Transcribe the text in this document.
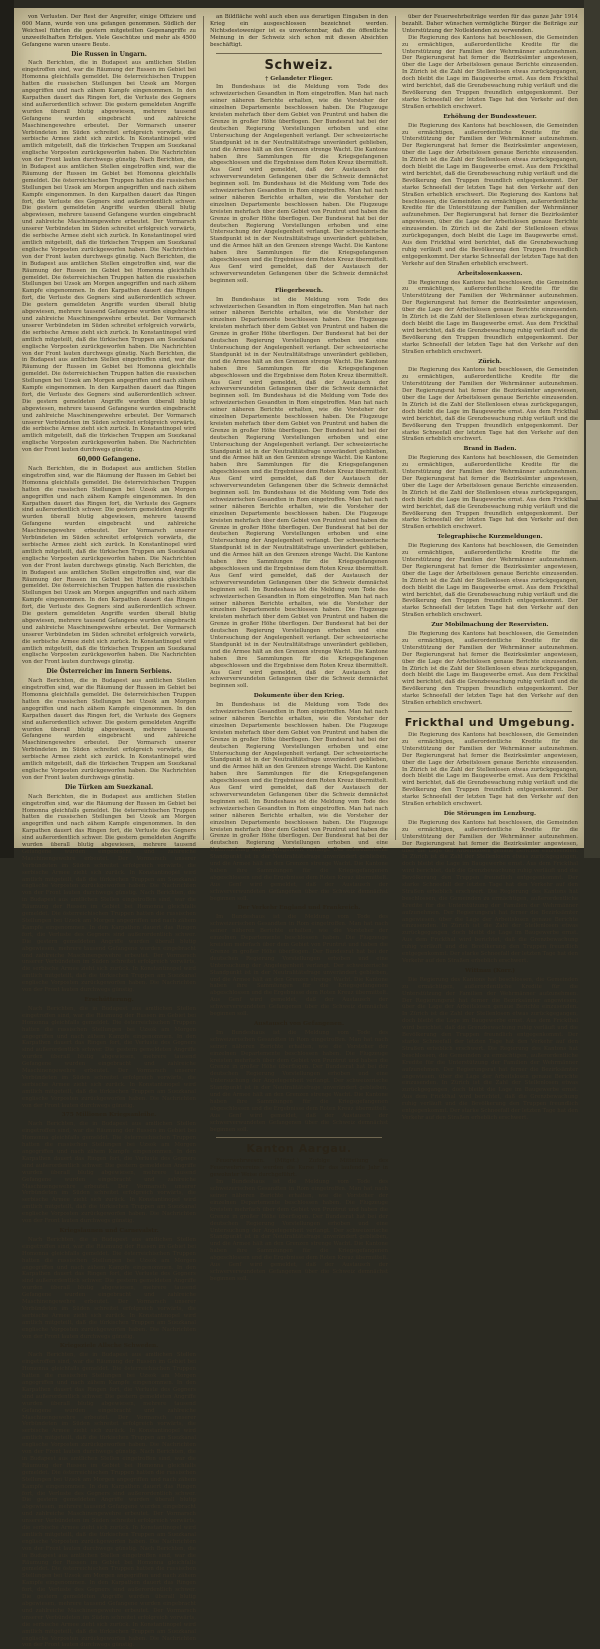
von Verlusten. Der Rest der Angreifer, einige Offiziere und 600 Mann, wurde von uns gefangen genommen. Südlich der Weichsel führten die gestern mitgeteilten Gegenangriffe zu unzweifelhaften Erfolgen. Viele Geschütze und mehr als 4500 Gefangene waren unsere Beute.

Die Russen in Ungarn.

Nach Berichten, die in Budapest aus amtlichen Stellen eingetroffen sind, war die Räumung der Russen im Gebiet bei Homonna gleichfalls gemeldet. Die österreichischen Truppen hatten die russischen Stellungen bei Uzsok am Morgen angegriffen und nach zähem Kampfe eingenommen. In den Karpathen dauert das Ringen fort, die Verluste des Gegners sind außerordentlich schwer. Die gestern gemeldeten Angriffe wurden überall blutig abgewiesen, mehrere tausend Gefangene wurden eingebracht und zahlreiche Maschinengewehre erbeutet. Der Vormarsch unserer Verbündeten im Süden schreitet erfolgreich vorwärts, die serbische Armee zieht sich zurück. In Konstantinopel wird amtlich mitgeteilt, daß die türkischen Truppen am Suezkanal englische Vorposten zurückgeworfen haben. Die Nachrichten von der Front lauten durchwegs günstig. Nach Berichten, die in Budapest aus amtlichen Stellen eingetroffen sind, war die Räumung der Russen im Gebiet bei Homonna gleichfalls gemeldet. Die österreichischen Truppen hatten die russischen Stellungen bei Uzsok am Morgen angegriffen und nach zähem Kampfe eingenommen. In den Karpathen dauert das Ringen fort, die Verluste des Gegners sind außerordentlich schwer. Die gestern gemeldeten Angriffe wurden überall blutig abgewiesen, mehrere tausend Gefangene wurden eingebracht und zahlreiche Maschinengewehre erbeutet. Der Vormarsch unserer Verbündeten im Süden schreitet erfolgreich vorwärts, die serbische Armee zieht sich zurück. In Konstantinopel wird amtlich mitgeteilt, daß die türkischen Truppen am Suezkanal englische Vorposten zurückgeworfen haben. Die Nachrichten von der Front lauten durchwegs günstig. Nach Berichten, die in Budapest aus amtlichen Stellen eingetroffen sind, war die Räumung der Russen im Gebiet bei Homonna gleichfalls gemeldet. Die österreichischen Truppen hatten die russischen Stellungen bei Uzsok am Morgen angegriffen und nach zähem Kampfe eingenommen. In den Karpathen dauert das Ringen fort, die Verluste des Gegners sind außerordentlich schwer. Die gestern gemeldeten Angriffe wurden überall blutig abgewiesen, mehrere tausend Gefangene wurden eingebracht und zahlreiche Maschinengewehre erbeutet. Der Vormarsch unserer Verbündeten im Süden schreitet erfolgreich vorwärts, die serbische Armee zieht sich zurück. In Konstantinopel wird amtlich mitgeteilt, daß die türkischen Truppen am Suezkanal englische Vorposten zurückgeworfen haben. Die Nachrichten von der Front lauten durchwegs günstig. Nach Berichten, die in Budapest aus amtlichen Stellen eingetroffen sind, war die Räumung der Russen im Gebiet bei Homonna gleichfalls gemeldet. Die österreichischen Truppen hatten die russischen Stellungen bei Uzsok am Morgen angegriffen und nach zähem Kampfe eingenommen. In den Karpathen dauert das Ringen fort, die Verluste des Gegners sind außerordentlich schwer. Die gestern gemeldeten Angriffe wurden überall blutig abgewiesen, mehrere tausend Gefangene wurden eingebracht und zahlreiche Maschinengewehre erbeutet. Der Vormarsch unserer Verbündeten im Süden schreitet erfolgreich vorwärts, die serbische Armee zieht sich zurück. In Konstantinopel wird amtlich mitgeteilt, daß die türkischen Truppen am Suezkanal englische Vorposten zurückgeworfen haben. Die Nachrichten von der Front lauten durchwegs günstig.

60,000 Gefangene.

Nach Berichten, die in Budapest aus amtlichen Stellen eingetroffen sind, war die Räumung der Russen im Gebiet bei Homonna gleichfalls gemeldet. Die österreichischen Truppen hatten die russischen Stellungen bei Uzsok am Morgen angegriffen und nach zähem Kampfe eingenommen. In den Karpathen dauert das Ringen fort, die Verluste des Gegners sind außerordentlich schwer. Die gestern gemeldeten Angriffe wurden überall blutig abgewiesen, mehrere tausend Gefangene wurden eingebracht und zahlreiche Maschinengewehre erbeutet. Der Vormarsch unserer Verbündeten im Süden schreitet erfolgreich vorwärts, die serbische Armee zieht sich zurück. In Konstantinopel wird amtlich mitgeteilt, daß die türkischen Truppen am Suezkanal englische Vorposten zurückgeworfen haben. Die Nachrichten von der Front lauten durchwegs günstig. Nach Berichten, die in Budapest aus amtlichen Stellen eingetroffen sind, war die Räumung der Russen im Gebiet bei Homonna gleichfalls gemeldet. Die österreichischen Truppen hatten die russischen Stellungen bei Uzsok am Morgen angegriffen und nach zähem Kampfe eingenommen. In den Karpathen dauert das Ringen fort, die Verluste des Gegners sind außerordentlich schwer. Die gestern gemeldeten Angriffe wurden überall blutig abgewiesen, mehrere tausend Gefangene wurden eingebracht und zahlreiche Maschinengewehre erbeutet. Der Vormarsch unserer Verbündeten im Süden schreitet erfolgreich vorwärts, die serbische Armee zieht sich zurück. In Konstantinopel wird amtlich mitgeteilt, daß die türkischen Truppen am Suezkanal englische Vorposten zurückgeworfen haben. Die Nachrichten von der Front lauten durchwegs günstig.

Die Österreicher im Innern Serbiens.

Nach Berichten, die in Budapest aus amtlichen Stellen eingetroffen sind, war die Räumung der Russen im Gebiet bei Homonna gleichfalls gemeldet. Die österreichischen Truppen hatten die russischen Stellungen bei Uzsok am Morgen angegriffen und nach zähem Kampfe eingenommen. In den Karpathen dauert das Ringen fort, die Verluste des Gegners sind außerordentlich schwer. Die gestern gemeldeten Angriffe wurden überall blutig abgewiesen, mehrere tausend Gefangene wurden eingebracht und zahlreiche Maschinengewehre erbeutet. Der Vormarsch unserer Verbündeten im Süden schreitet erfolgreich vorwärts, die serbische Armee zieht sich zurück. In Konstantinopel wird amtlich mitgeteilt, daß die türkischen Truppen am Suezkanal englische Vorposten zurückgeworfen haben. Die Nachrichten von der Front lauten durchwegs günstig.

Die Türken am Suezkanal.

Nach Berichten, die in Budapest aus amtlichen Stellen eingetroffen sind, war die Räumung der Russen im Gebiet bei Homonna gleichfalls gemeldet. Die österreichischen Truppen hatten die russischen Stellungen bei Uzsok am Morgen angegriffen und nach zähem Kampfe eingenommen. In den Karpathen dauert das Ringen fort, die Verluste des Gegners sind außerordentlich schwer. Die gestern gemeldeten Angriffe wurden überall blutig abgewiesen, mehrere tausend Gefangene wurden eingebracht und zahlreiche Maschinengewehre erbeutet. Der Vormarsch unserer Verbündeten im Süden schreitet erfolgreich vorwärts, die serbische Armee zieht sich zurück. In Konstantinopel wird amtlich mitgeteilt, daß die türkischen Truppen am Suezkanal englische Vorposten zurückgeworfen haben. Die Nachrichten von der Front lauten durchwegs günstig. Nach Berichten, die in Budapest aus amtlichen Stellen eingetroffen sind, war die Räumung der Russen im Gebiet bei Homonna gleichfalls gemeldet. Die österreichischen Truppen hatten die russischen Stellungen bei Uzsok am Morgen angegriffen und nach zähem Kampfe eingenommen. In den Karpathen dauert das Ringen fort, die Verluste des Gegners sind außerordentlich schwer. Die gestern gemeldeten Angriffe wurden überall blutig abgewiesen, mehrere tausend Gefangene wurden eingebracht und zahlreiche Maschinengewehre erbeutet. Der Vormarsch unserer Verbündeten im Süden schreitet erfolgreich vorwärts, die serbische Armee zieht sich zurück. In Konstantinopel wird amtlich mitgeteilt, daß die türkischen Truppen am Suezkanal englische Vorposten zurückgeworfen haben. Die Nachrichten von der Front lauten durchwegs günstig.

Erschütterung.

Nach Berichten, die in Budapest aus amtlichen Stellen eingetroffen sind, war die Räumung der Russen im Gebiet bei Homonna gleichfalls gemeldet. Die österreichischen Truppen hatten die russischen Stellungen bei Uzsok am Morgen angegriffen und nach zähem Kampfe eingenommen. In den Karpathen dauert das Ringen fort, die Verluste des Gegners sind außerordentlich schwer. Die gestern gemeldeten Angriffe wurden überall blutig abgewiesen, mehrere tausend Gefangene wurden eingebracht und zahlreiche Maschinengewehre erbeutet. Der Vormarsch unserer Verbündeten im Süden schreitet erfolgreich vorwärts, die serbische Armee zieht sich zurück. In Konstantinopel wird amtlich mitgeteilt, daß die türkischen Truppen am Suezkanal englische Vorposten zurückgeworfen haben. Die Nachrichten von der Front lauten durchwegs günstig.

375 Millionen Kriegsanleihe.

Nach Berichten, die in Budapest aus amtlichen Stellen eingetroffen sind, war die Räumung der Russen im Gebiet bei Homonna gleichfalls gemeldet. Die österreichischen Truppen hatten die russischen Stellungen bei Uzsok am Morgen angegriffen und nach zähem Kampfe eingenommen. In den Karpathen dauert das Ringen fort, die Verluste des Gegners sind außerordentlich schwer. Die gestern gemeldeten Angriffe wurden überall blutig abgewiesen, mehrere tausend Gefangene wurden eingebracht und zahlreiche Maschinengewehre erbeutet. Der Vormarsch unserer Verbündeten im Süden schreitet erfolgreich vorwärts, die serbische Armee zieht sich zurück. In Konstantinopel wird amtlich mitgeteilt, daß die türkischen Truppen am Suezkanal englische Vorposten zurückgeworfen haben. Die Nachrichten von der Front lauten durchwegs günstig.

Kriegslaunen und Carnevalstr.

Nach Berichten, die in Budapest aus amtlichen Stellen eingetroffen sind, war die Räumung der Russen im Gebiet bei Homonna gleichfalls gemeldet. Die österreichischen Truppen hatten die russischen Stellungen bei Uzsok am Morgen angegriffen und nach zähem Kampfe eingenommen. In den Karpathen dauert das Ringen fort, die Verluste des Gegners sind außerordentlich schwer. Die gestern gemeldeten Angriffe wurden überall blutig abgewiesen, mehrere tausend Gefangene wurden eingebracht und zahlreiche Maschinengewehre erbeutet. Der Vormarsch unserer Verbündeten im Süden schreitet erfolgreich vorwärts, die serbische Armee zieht sich zurück. In Konstantinopel wird amtlich mitgeteilt, daß die türkischen Truppen am Suezkanal englische Vorposten zurückgeworfen haben. Die Nachrichten von der Front lauten durchwegs günstig.

Kriegsziele Allsche Schweden.

Nach Berichten, die in Budapest aus amtlichen Stellen eingetroffen sind, war die Räumung der Russen im Gebiet bei Homonna gleichfalls gemeldet. Die österreichischen Truppen hatten die russischen Stellungen bei Uzsok am Morgen angegriffen und nach zähem Kampfe eingenommen. In den Karpathen dauert das Ringen fort, die Verluste des Gegners sind außerordentlich schwer. Die gestern gemeldeten Angriffe wurden überall blutig abgewiesen, mehrere tausend Gefangene wurden eingebracht und zahlreiche Maschinengewehre erbeutet. Der Vormarsch unserer Verbündeten im Süden schreitet erfolgreich vorwärts, die serbische Armee zieht sich zurück. In Konstantinopel wird amtlich mitgeteilt, daß die türkischen Truppen am Suezkanal englische Vorposten zurückgeworfen haben. Die Nachrichten von der Front lauten durchwegs günstig. Nach Berichten, die in Budapest aus amtlichen Stellen eingetroffen sind, war die Räumung der Russen im Gebiet bei Homonna gleichfalls gemeldet. Die österreichischen Truppen hatten die russischen Stellungen bei Uzsok am Morgen angegriffen und nach zähem Kampfe eingenommen. In den Karpathen dauert das Ringen fort, die Verluste des Gegners sind außerordentlich schwer. Die gestern gemeldeten Angriffe wurden überall blutig abgewiesen, mehrere tausend Gefangene wurden eingebracht und zahlreiche Maschinengewehre erbeutet. Der Vormarsch unserer Verbündeten im Süden schreitet erfolgreich vorwärts, die serbische Armee zieht sich zurück. In Konstantinopel wird amtlich mitgeteilt, daß die türkischen Truppen am Suezkanal englische Vorposten zurückgeworfen haben. Die Nachrichten von der Front lauten durchwegs günstig. Nach Berichten, die in Budapest aus amtlichen Stellen eingetroffen sind, war die Räumung der Russen im Gebiet bei Homonna gleichfalls gemeldet. Die österreichischen Truppen hatten die russischen Stellungen bei Uzsok am Morgen angegriffen und nach zähem Kampfe eingenommen. In den Karpathen dauert das Ringen fort, die Verluste des Gegners sind außerordentlich schwer. Die gestern gemeldeten Angriffe wurden überall blutig abgewiesen, mehrere tausend Gefangene wurden eingebracht und zahlreiche Maschinengewehre erbeutet. Der Vormarsch unserer Verbündeten im Süden schreitet erfolgreich vorwärts, die serbische Armee zieht sich zurück. In Konstantinopel wird amtlich mitgeteilt, daß die türkischen Truppen am Suezkanal englische Vorposten zurückgeworfen haben. Die Nachrichten von der Front lauten durchwegs günstig.

an Bildfläche wohl auch eben aus derartigen Eingaben in den Krieg ein ausgeschlossen bezeichnet werden. Nichtsdestoweniger ist es unverkennbar, daß die öffentliche Meinung in der Schweiz sich schon mit diesen Absichten beschäftigt.

Schweiz.
† Gelandeter Flieger.

Im Bundeshaus ist die Meldung vom Tode des schweizerischen Gesandten in Rom eingetroffen. Man hat nach seiner näheren Berichte erhalten, wie die Vorsteher der einzelnen Departemente beschlossen haben. Die Flugzeuge kreisten mehrfach über dem Gebiet von Pruntrut und haben die Grenze in großer Höhe überflogen. Der Bundesrat hat bei der deutschen Regierung Vorstellungen erhoben und eine Untersuchung der Angelegenheit verlangt. Der schweizerische Standpunkt ist in der Neutralitätsfrage unverändert geblieben, und die Armee hält an den Grenzen strenge Wacht. Die Kantone haben ihre Sammlungen für die Kriegsgefangenen abgeschlossen und die Ergebnisse dem Roten Kreuz übermittelt. Aus Genf wird gemeldet, daß der Austausch der schwerverwundeten Gefangenen über die Schweiz demnächst beginnen soll. Im Bundeshaus ist die Meldung vom Tode des schweizerischen Gesandten in Rom eingetroffen. Man hat nach seiner näheren Berichte erhalten, wie die Vorsteher der einzelnen Departemente beschlossen haben. Die Flugzeuge kreisten mehrfach über dem Gebiet von Pruntrut und haben die Grenze in großer Höhe überflogen. Der Bundesrat hat bei der deutschen Regierung Vorstellungen erhoben und eine Untersuchung der Angelegenheit verlangt. Der schweizerische Standpunkt ist in der Neutralitätsfrage unverändert geblieben, und die Armee hält an den Grenzen strenge Wacht. Die Kantone haben ihre Sammlungen für die Kriegsgefangenen abgeschlossen und die Ergebnisse dem Roten Kreuz übermittelt. Aus Genf wird gemeldet, daß der Austausch der schwerverwundeten Gefangenen über die Schweiz demnächst beginnen soll.

Fliegerbesuch.

Im Bundeshaus ist die Meldung vom Tode des schweizerischen Gesandten in Rom eingetroffen. Man hat nach seiner näheren Berichte erhalten, wie die Vorsteher der einzelnen Departemente beschlossen haben. Die Flugzeuge kreisten mehrfach über dem Gebiet von Pruntrut und haben die Grenze in großer Höhe überflogen. Der Bundesrat hat bei der deutschen Regierung Vorstellungen erhoben und eine Untersuchung der Angelegenheit verlangt. Der schweizerische Standpunkt ist in der Neutralitätsfrage unverändert geblieben, und die Armee hält an den Grenzen strenge Wacht. Die Kantone haben ihre Sammlungen für die Kriegsgefangenen abgeschlossen und die Ergebnisse dem Roten Kreuz übermittelt. Aus Genf wird gemeldet, daß der Austausch der schwerverwundeten Gefangenen über die Schweiz demnächst beginnen soll. Im Bundeshaus ist die Meldung vom Tode des schweizerischen Gesandten in Rom eingetroffen. Man hat nach seiner näheren Berichte erhalten, wie die Vorsteher der einzelnen Departemente beschlossen haben. Die Flugzeuge kreisten mehrfach über dem Gebiet von Pruntrut und haben die Grenze in großer Höhe überflogen. Der Bundesrat hat bei der deutschen Regierung Vorstellungen erhoben und eine Untersuchung der Angelegenheit verlangt. Der schweizerische Standpunkt ist in der Neutralitätsfrage unverändert geblieben, und die Armee hält an den Grenzen strenge Wacht. Die Kantone haben ihre Sammlungen für die Kriegsgefangenen abgeschlossen und die Ergebnisse dem Roten Kreuz übermittelt. Aus Genf wird gemeldet, daß der Austausch der schwerverwundeten Gefangenen über die Schweiz demnächst beginnen soll. Im Bundeshaus ist die Meldung vom Tode des schweizerischen Gesandten in Rom eingetroffen. Man hat nach seiner näheren Berichte erhalten, wie die Vorsteher der einzelnen Departemente beschlossen haben. Die Flugzeuge kreisten mehrfach über dem Gebiet von Pruntrut und haben die Grenze in großer Höhe überflogen. Der Bundesrat hat bei der deutschen Regierung Vorstellungen erhoben und eine Untersuchung der Angelegenheit verlangt. Der schweizerische Standpunkt ist in der Neutralitätsfrage unverändert geblieben, und die Armee hält an den Grenzen strenge Wacht. Die Kantone haben ihre Sammlungen für die Kriegsgefangenen abgeschlossen und die Ergebnisse dem Roten Kreuz übermittelt. Aus Genf wird gemeldet, daß der Austausch der schwerverwundeten Gefangenen über die Schweiz demnächst beginnen soll. Im Bundeshaus ist die Meldung vom Tode des schweizerischen Gesandten in Rom eingetroffen. Man hat nach seiner näheren Berichte erhalten, wie die Vorsteher der einzelnen Departemente beschlossen haben. Die Flugzeuge kreisten mehrfach über dem Gebiet von Pruntrut und haben die Grenze in großer Höhe überflogen. Der Bundesrat hat bei der deutschen Regierung Vorstellungen erhoben und eine Untersuchung der Angelegenheit verlangt. Der schweizerische Standpunkt ist in der Neutralitätsfrage unverändert geblieben, und die Armee hält an den Grenzen strenge Wacht. Die Kantone haben ihre Sammlungen für die Kriegsgefangenen abgeschlossen und die Ergebnisse dem Roten Kreuz übermittelt. Aus Genf wird gemeldet, daß der Austausch der schwerverwundeten Gefangenen über die Schweiz demnächst beginnen soll.

Dokumente über den Krieg.

Im Bundeshaus ist die Meldung vom Tode des schweizerischen Gesandten in Rom eingetroffen. Man hat nach seiner näheren Berichte erhalten, wie die Vorsteher der einzelnen Departemente beschlossen haben. Die Flugzeuge kreisten mehrfach über dem Gebiet von Pruntrut und haben die Grenze in großer Höhe überflogen. Der Bundesrat hat bei der deutschen Regierung Vorstellungen erhoben und eine Untersuchung der Angelegenheit verlangt. Der schweizerische Standpunkt ist in der Neutralitätsfrage unverändert geblieben, und die Armee hält an den Grenzen strenge Wacht. Die Kantone haben ihre Sammlungen für die Kriegsgefangenen abgeschlossen und die Ergebnisse dem Roten Kreuz übermittelt. Aus Genf wird gemeldet, daß der Austausch der schwerverwundeten Gefangenen über die Schweiz demnächst beginnen soll. Im Bundeshaus ist die Meldung vom Tode des schweizerischen Gesandten in Rom eingetroffen. Man hat nach seiner näheren Berichte erhalten, wie die Vorsteher der einzelnen Departemente beschlossen haben. Die Flugzeuge kreisten mehrfach über dem Gebiet von Pruntrut und haben die Grenze in großer Höhe überflogen. Der Bundesrat hat bei der deutschen Regierung Vorstellungen erhoben und eine Untersuchung der Angelegenheit verlangt. Der schweizerische Standpunkt ist in der Neutralitätsfrage unverändert geblieben, und die Armee hält an den Grenzen strenge Wacht. Die Kantone haben ihre Sammlungen für die Kriegsgefangenen abgeschlossen und die Ergebnisse dem Roten Kreuz übermittelt. Aus Genf wird gemeldet, daß der Austausch der schwerverwundeten Gefangenen über die Schweiz demnächst beginnen soll.

Der Verkehr England und Frankreich.

Im Bundeshaus ist die Meldung vom Tode des schweizerischen Gesandten in Rom eingetroffen. Man hat nach seiner näheren Berichte erhalten, wie die Vorsteher der einzelnen Departemente beschlossen haben. Die Flugzeuge kreisten mehrfach über dem Gebiet von Pruntrut und haben die Grenze in großer Höhe überflogen. Der Bundesrat hat bei der deutschen Regierung Vorstellungen erhoben und eine Untersuchung der Angelegenheit verlangt. Der schweizerische Standpunkt ist in der Neutralitätsfrage unverändert geblieben, und die Armee hält an den Grenzen strenge Wacht. Die Kantone haben ihre Sammlungen für die Kriegsgefangenen abgeschlossen und die Ergebnisse dem Roten Kreuz übermittelt. Aus Genf wird gemeldet, daß der Austausch der schwerverwundeten Gefangenen über die Schweiz demnächst beginnen soll.

Austausch von Gefangenen.

Im Bundeshaus ist die Meldung vom Tode des schweizerischen Gesandten in Rom eingetroffen. Man hat nach seiner näheren Berichte erhalten, wie die Vorsteher der einzelnen Departemente beschlossen haben. Die Flugzeuge kreisten mehrfach über dem Gebiet von Pruntrut und haben die Grenze in großer Höhe überflogen. Der Bundesrat hat bei der deutschen Regierung Vorstellungen erhoben und eine Untersuchung der Angelegenheit verlangt. Der schweizerische Standpunkt ist in der Neutralitätsfrage unverändert geblieben, und die Armee hält an den Grenzen strenge Wacht. Die Kantone haben ihre Sammlungen für die Kriegsgefangenen abgeschlossen und die Ergebnisse dem Roten Kreuz übermittelt. Aus Genf wird gemeldet, daß der Austausch der schwerverwundeten Gefangenen über die Schweiz demnächst beginnen soll.

Kanton Aargau.

Feuerwehrwesen. (Mitget.) Zufolge Mitteilung des Feuerwehrvereins werden die Kurse für das laufende Jahr in gewohnter Weise durchgeführt.

Im Bundeshaus ist die Meldung vom Tode des schweizerischen Gesandten in Rom eingetroffen. Man hat nach seiner näheren Berichte erhalten, wie die Vorsteher der einzelnen Departemente beschlossen haben. Die Flugzeuge kreisten mehrfach über dem Gebiet von Pruntrut und haben die Grenze in großer Höhe überflogen. Der Bundesrat hat bei der deutschen Regierung Vorstellungen erhoben und eine Untersuchung der Angelegenheit verlangt. Der schweizerische Standpunkt ist in der Neutralitätsfrage unverändert geblieben, und die Armee hält an den Grenzen strenge Wacht. Die Kantone haben ihre Sammlungen für die Kriegsgefangenen abgeschlossen und die Ergebnisse dem Roten Kreuz übermittelt. Aus Genf wird gemeldet, daß der Austausch der schwerverwundeten Gefangenen über die Schweiz demnächst beginnen soll.

über der Feuerwehrbeiträge werden für das ganze Jahr 1914 bezahlt. Daher wünschen vermögliche Bürger die Beiträge zur Unterstützung der Notleidenden zu verwenden.

Die Regierung des Kantons hat beschlossen, die Gemeinden zu ermächtigen, außerordentliche Kredite für die Unterstützung der Familien der Wehrmänner aufzunehmen. Der Regierungsrat hat ferner die Bezirksämter angewiesen, über die Lage der Arbeitslosen genaue Berichte einzusenden. In Zürich ist die Zahl der Stellenlosen etwas zurückgegangen, doch bleibt die Lage im Baugewerbe ernst. Aus dem Frickthal wird berichtet, daß die Grenzbewachung ruhig verläuft und die Bevölkerung den Truppen freundlich entgegenkommt. Der starke Schneefall der letzten Tage hat den Verkehr auf den Straßen erheblich erschwert.

Erhöhung der Bundessteuer.

Die Regierung des Kantons hat beschlossen, die Gemeinden zu ermächtigen, außerordentliche Kredite für die Unterstützung der Familien der Wehrmänner aufzunehmen. Der Regierungsrat hat ferner die Bezirksämter angewiesen, über die Lage der Arbeitslosen genaue Berichte einzusenden. In Zürich ist die Zahl der Stellenlosen etwas zurückgegangen, doch bleibt die Lage im Baugewerbe ernst. Aus dem Frickthal wird berichtet, daß die Grenzbewachung ruhig verläuft und die Bevölkerung den Truppen freundlich entgegenkommt. Der starke Schneefall der letzten Tage hat den Verkehr auf den Straßen erheblich erschwert. Die Regierung des Kantons hat beschlossen, die Gemeinden zu ermächtigen, außerordentliche Kredite für die Unterstützung der Familien der Wehrmänner aufzunehmen. Der Regierungsrat hat ferner die Bezirksämter angewiesen, über die Lage der Arbeitslosen genaue Berichte einzusenden. In Zürich ist die Zahl der Stellenlosen etwas zurückgegangen, doch bleibt die Lage im Baugewerbe ernst. Aus dem Frickthal wird berichtet, daß die Grenzbewachung ruhig verläuft und die Bevölkerung den Truppen freundlich entgegenkommt. Der starke Schneefall der letzten Tage hat den Verkehr auf den Straßen erheblich erschwert.

Arbeitslosenkassen.

Die Regierung des Kantons hat beschlossen, die Gemeinden zu ermächtigen, außerordentliche Kredite für die Unterstützung der Familien der Wehrmänner aufzunehmen. Der Regierungsrat hat ferner die Bezirksämter angewiesen, über die Lage der Arbeitslosen genaue Berichte einzusenden. In Zürich ist die Zahl der Stellenlosen etwas zurückgegangen, doch bleibt die Lage im Baugewerbe ernst. Aus dem Frickthal wird berichtet, daß die Grenzbewachung ruhig verläuft und die Bevölkerung den Truppen freundlich entgegenkommt. Der starke Schneefall der letzten Tage hat den Verkehr auf den Straßen erheblich erschwert.

Zürich.

Die Regierung des Kantons hat beschlossen, die Gemeinden zu ermächtigen, außerordentliche Kredite für die Unterstützung der Familien der Wehrmänner aufzunehmen. Der Regierungsrat hat ferner die Bezirksämter angewiesen, über die Lage der Arbeitslosen genaue Berichte einzusenden. In Zürich ist die Zahl der Stellenlosen etwas zurückgegangen, doch bleibt die Lage im Baugewerbe ernst. Aus dem Frickthal wird berichtet, daß die Grenzbewachung ruhig verläuft und die Bevölkerung den Truppen freundlich entgegenkommt. Der starke Schneefall der letzten Tage hat den Verkehr auf den Straßen erheblich erschwert.

Brand in Baden.

Die Regierung des Kantons hat beschlossen, die Gemeinden zu ermächtigen, außerordentliche Kredite für die Unterstützung der Familien der Wehrmänner aufzunehmen. Der Regierungsrat hat ferner die Bezirksämter angewiesen, über die Lage der Arbeitslosen genaue Berichte einzusenden. In Zürich ist die Zahl der Stellenlosen etwas zurückgegangen, doch bleibt die Lage im Baugewerbe ernst. Aus dem Frickthal wird berichtet, daß die Grenzbewachung ruhig verläuft und die Bevölkerung den Truppen freundlich entgegenkommt. Der starke Schneefall der letzten Tage hat den Verkehr auf den Straßen erheblich erschwert.

Telegraphische Kurzmeldungen.

Die Regierung des Kantons hat beschlossen, die Gemeinden zu ermächtigen, außerordentliche Kredite für die Unterstützung der Familien der Wehrmänner aufzunehmen. Der Regierungsrat hat ferner die Bezirksämter angewiesen, über die Lage der Arbeitslosen genaue Berichte einzusenden. In Zürich ist die Zahl der Stellenlosen etwas zurückgegangen, doch bleibt die Lage im Baugewerbe ernst. Aus dem Frickthal wird berichtet, daß die Grenzbewachung ruhig verläuft und die Bevölkerung den Truppen freundlich entgegenkommt. Der starke Schneefall der letzten Tage hat den Verkehr auf den Straßen erheblich erschwert.

Zur Mobilmachung der Reservisten.

Die Regierung des Kantons hat beschlossen, die Gemeinden zu ermächtigen, außerordentliche Kredite für die Unterstützung der Familien der Wehrmänner aufzunehmen. Der Regierungsrat hat ferner die Bezirksämter angewiesen, über die Lage der Arbeitslosen genaue Berichte einzusenden. In Zürich ist die Zahl der Stellenlosen etwas zurückgegangen, doch bleibt die Lage im Baugewerbe ernst. Aus dem Frickthal wird berichtet, daß die Grenzbewachung ruhig verläuft und die Bevölkerung den Truppen freundlich entgegenkommt. Der starke Schneefall der letzten Tage hat den Verkehr auf den Straßen erheblich erschwert.

Frickthal und Umgebung.

Die Regierung des Kantons hat beschlossen, die Gemeinden zu ermächtigen, außerordentliche Kredite für die Unterstützung der Familien der Wehrmänner aufzunehmen. Der Regierungsrat hat ferner die Bezirksämter angewiesen, über die Lage der Arbeitslosen genaue Berichte einzusenden. In Zürich ist die Zahl der Stellenlosen etwas zurückgegangen, doch bleibt die Lage im Baugewerbe ernst. Aus dem Frickthal wird berichtet, daß die Grenzbewachung ruhig verläuft und die Bevölkerung den Truppen freundlich entgegenkommt. Der starke Schneefall der letzten Tage hat den Verkehr auf den Straßen erheblich erschwert.

Die Störungen im Lenzburg.

Die Regierung des Kantons hat beschlossen, die Gemeinden zu ermächtigen, außerordentliche Kredite für die Unterstützung der Familien der Wehrmänner aufzunehmen. Der Regierungsrat hat ferner die Bezirksämter angewiesen, über die Lage der Arbeitslosen genaue Berichte einzusenden. In Zürich ist die Zahl der Stellenlosen etwas zurückgegangen, doch bleibt die Lage im Baugewerbe ernst. Aus dem Frickthal wird berichtet, daß die Grenzbewachung ruhig verläuft und die Bevölkerung den Truppen freundlich entgegenkommt. Der starke Schneefall der letzten Tage hat den Verkehr auf den Straßen erheblich erschwert. Die Regierung des Kantons hat beschlossen, die Gemeinden zu ermächtigen, außerordentliche Kredite für die Unterstützung der Familien der Wehrmänner aufzunehmen. Der Regierungsrat hat ferner die Bezirksämter angewiesen, über die Lage der Arbeitslosen genaue Berichte einzusenden. In Zürich ist die Zahl der Stellenlosen etwas zurückgegangen, doch bleibt die Lage im Baugewerbe ernst. Aus dem Frickthal wird berichtet, daß die Grenzbewachung ruhig verläuft und die Bevölkerung den Truppen freundlich entgegenkommt. Der starke Schneefall der letzten Tage hat den Verkehr auf den Straßen erheblich erschwert.

Wittnau (Korr.)

Die Regierung des Kantons hat beschlossen, die Gemeinden zu ermächtigen, außerordentliche Kredite für die Unterstützung der Familien der Wehrmänner aufzunehmen. Der Regierungsrat hat ferner die Bezirksämter angewiesen, über die Lage der Arbeitslosen genaue Berichte einzusenden. In Zürich ist die Zahl der Stellenlosen etwas zurückgegangen, doch bleibt die Lage im Baugewerbe ernst. Aus dem Frickthal wird berichtet, daß die Grenzbewachung ruhig verläuft und die Bevölkerung den Truppen freundlich entgegenkommt. Der starke Schneefall der letzten Tage hat den Verkehr auf den Straßen erheblich erschwert. Die Regierung des Kantons hat beschlossen, die Gemeinden zu ermächtigen, außerordentliche Kredite für die Unterstützung der Familien der Wehrmänner aufzunehmen. Der Regierungsrat hat ferner die Bezirksämter angewiesen, über die Lage der Arbeitslosen genaue Berichte einzusenden. In Zürich ist die Zahl der Stellenlosen etwas zurückgegangen, doch bleibt die Lage im Baugewerbe ernst. Aus dem Frickthal wird berichtet, daß die Grenzbewachung ruhig verläuft und die Bevölkerung den Truppen freundlich entgegenkommt. Der starke Schneefall der letzten Tage hat den Verkehr auf den Straßen erheblich erschwert.
